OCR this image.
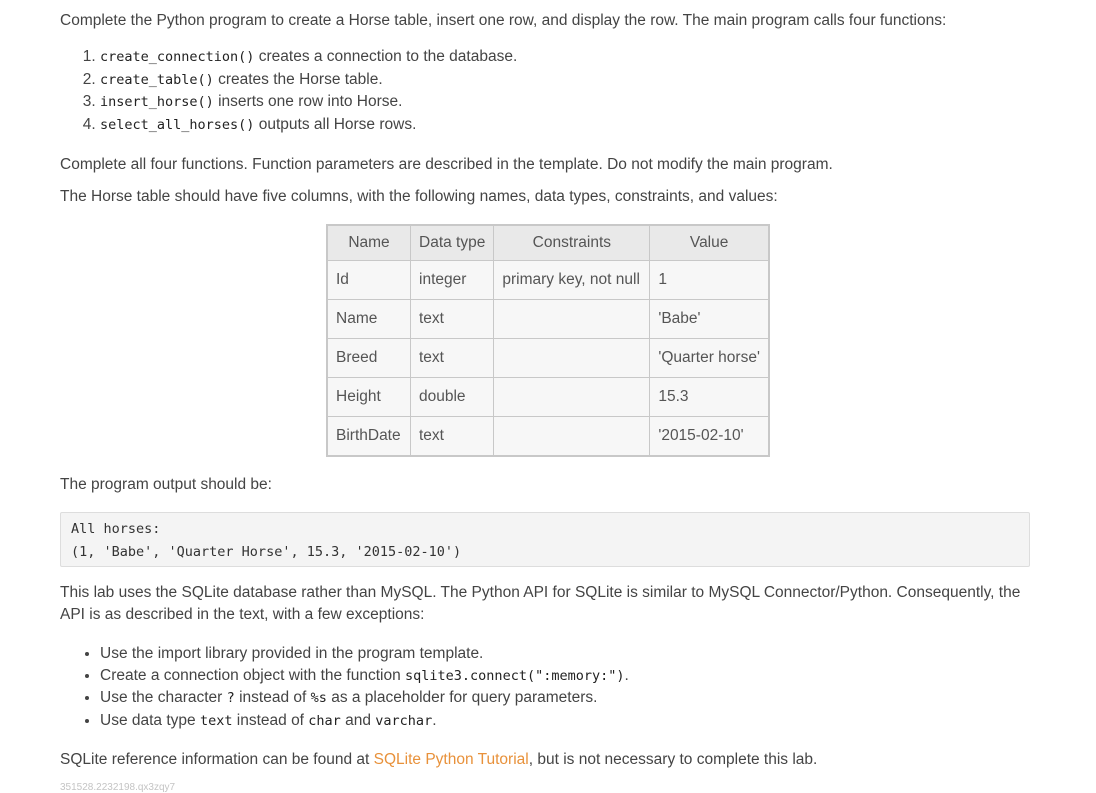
Complete the Python program to create a Horse table, insert one row, and display the row. The main program calls four functions:

1. create_connection() creates a connection to the database.
2. create_table() creates the Horse table.
3. insert_horse() inserts one row into Horse.
4. select_all_horses() outputs all Horse rows.

Complete all four functions. Function parameters are described in the template. Do not modify the main program.

The Horse table should have five columns, with the following names, data types, constraints, and values:

Name	Data type	Constraints	Value
Id	integer	primary key, not null	1
Name	text		'Babe'
Breed	text		'Quarter horse'
Height	double		15.3
BirthDate	text		'2015-02-10'

The program output should be:

All horses:
(1, 'Babe', 'Quarter Horse', 15.3, '2015-02-10')

This lab uses the SQLite database rather than MySQL. The Python API for SQLite is similar to MySQL Connector/Python. Consequently, the API is as described in the text, with a few exceptions:

• Use the import library provided in the program template.
• Create a connection object with the function sqlite3.connect(":memory:").
• Use the character ? instead of %s as a placeholder for query parameters.
• Use data type text instead of char and varchar.

SQLite reference information can be found at SQLite Python Tutorial, but is not necessary to complete this lab.

351528.2232198.qx3zqy7
